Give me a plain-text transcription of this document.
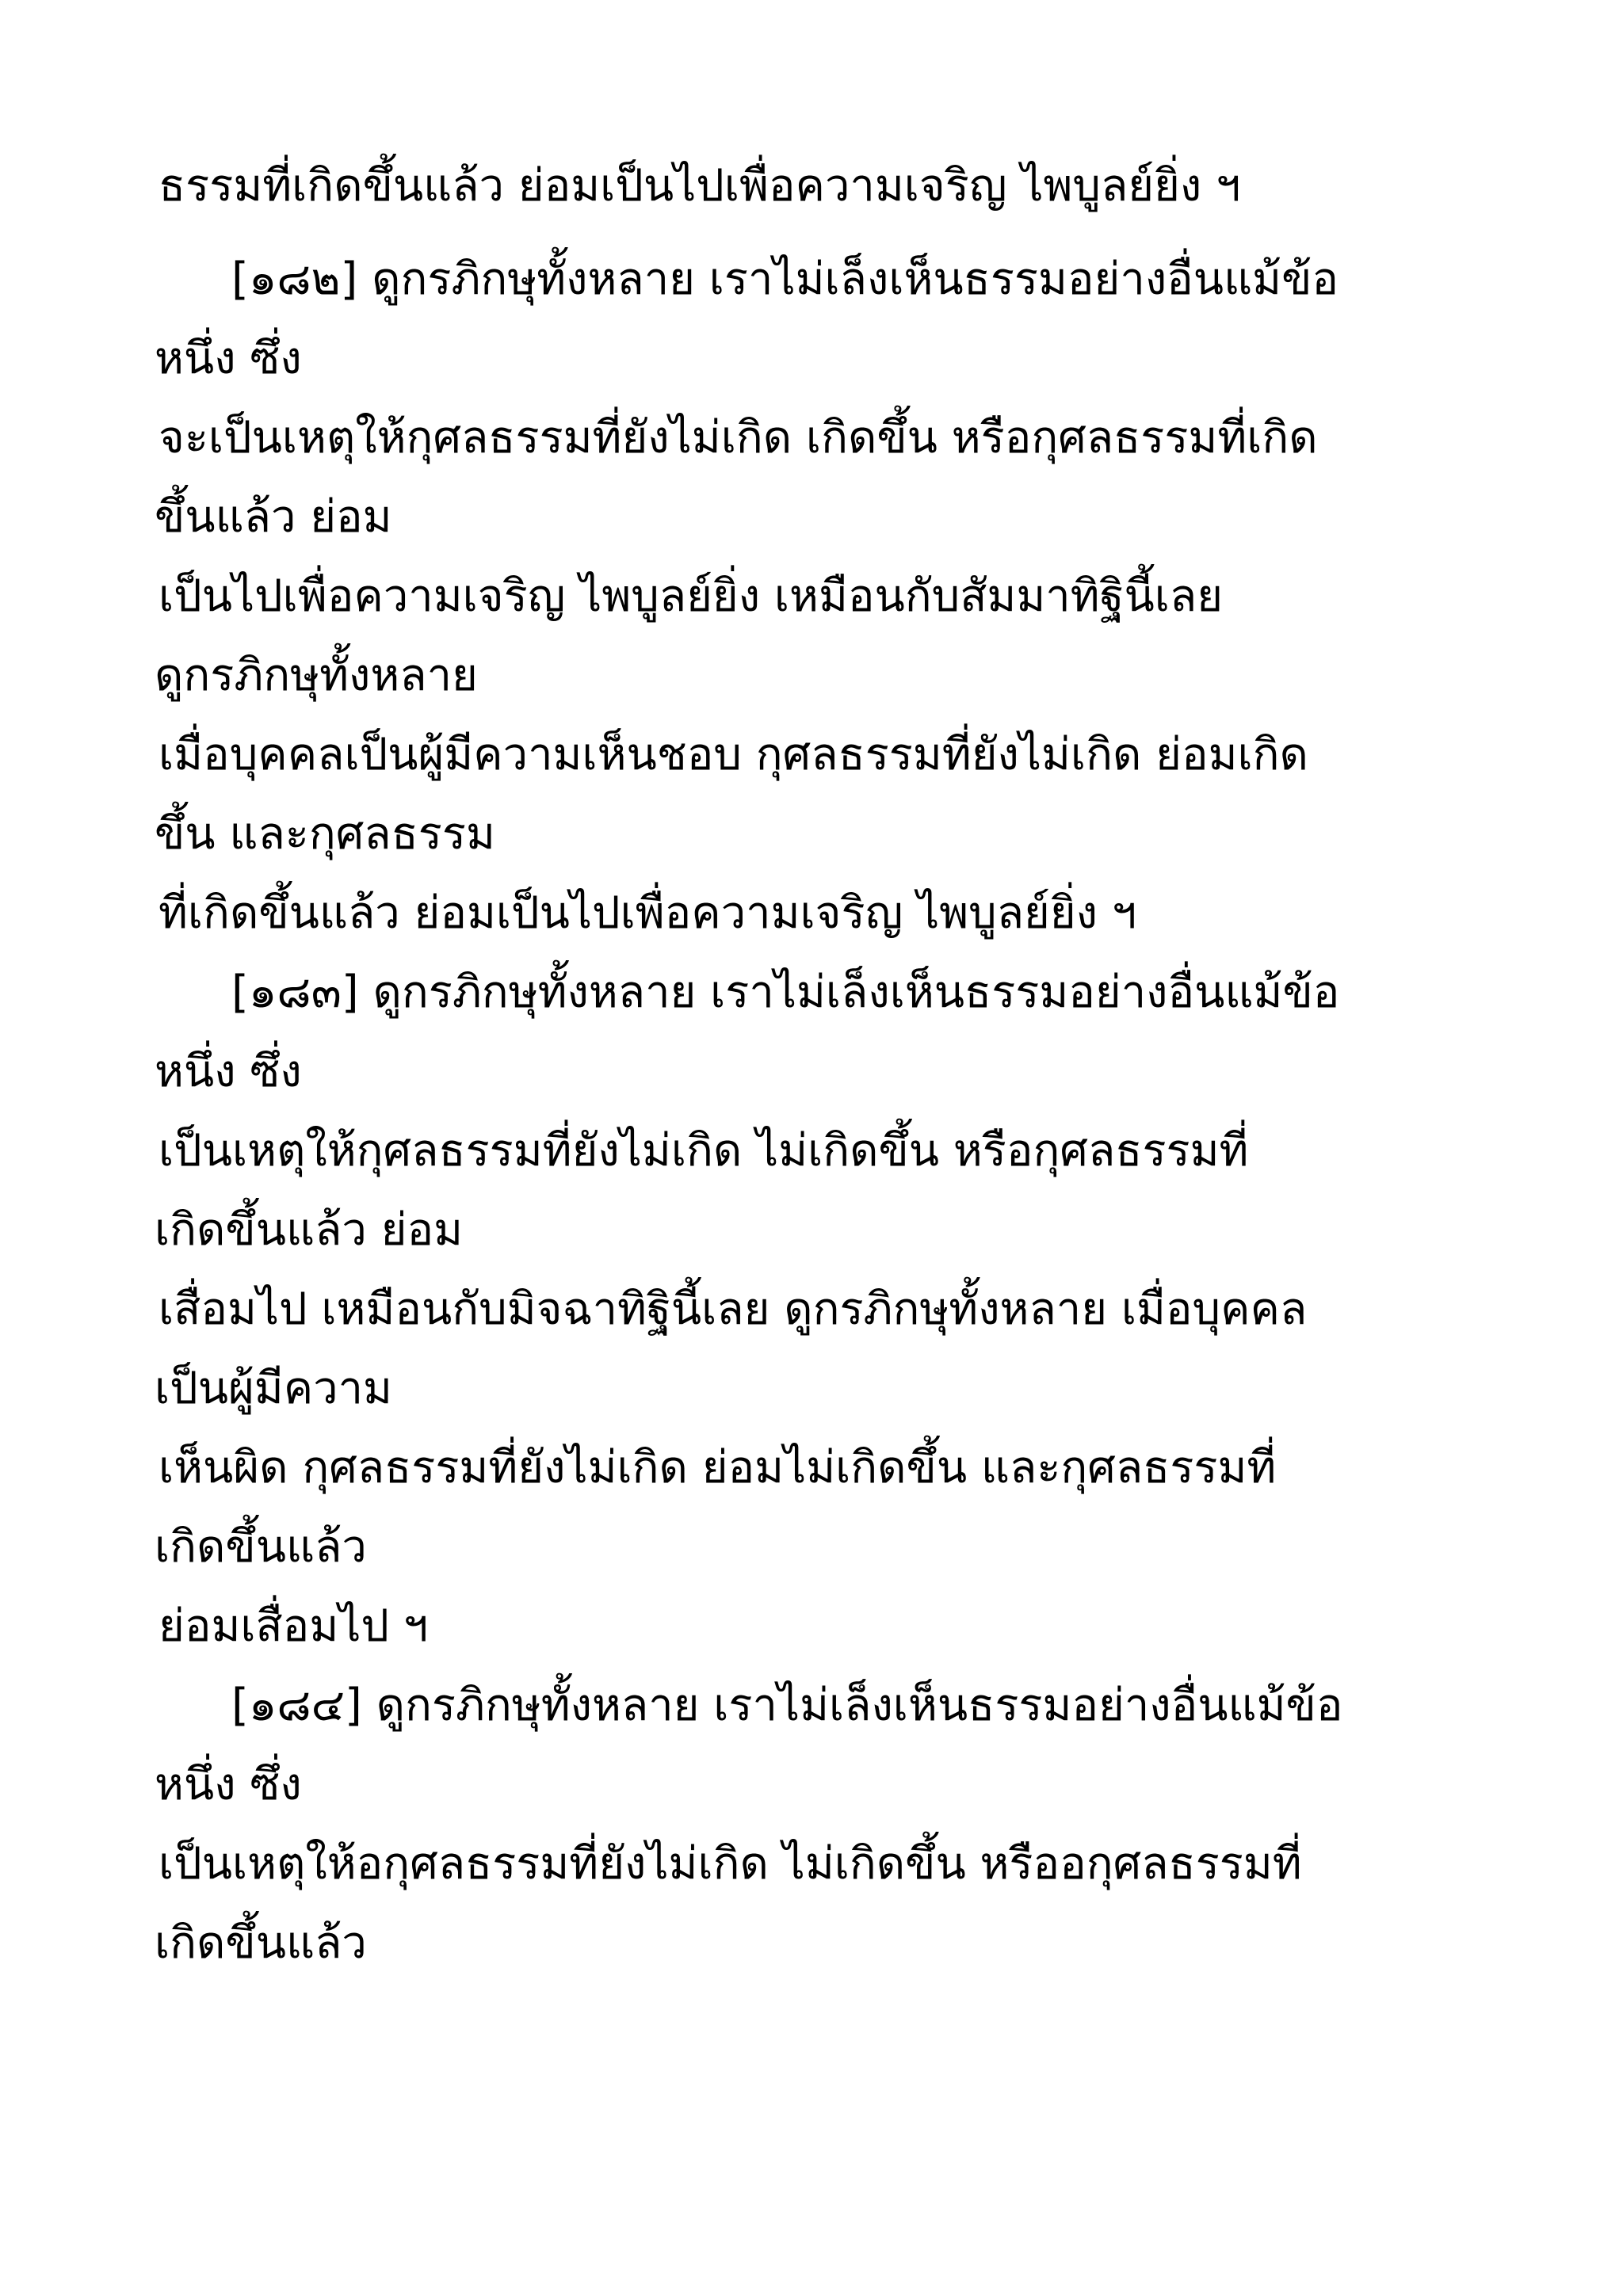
ธรรมที่เกิดขึ้นแล้ว ย่อมเป็นไปเพื่อความเจริญ ไพบูลย์ยิ่ง ฯ
[๑๘๒] ดูกรภิกษุทั้งหลาย เราไม่เล็งเห็นธรรมอย่างอื่นแม้ข้อ
หนึ่ง ซึ่ง
จะเป็นเหตุให้กุศลธรรมที่ยังไม่เกิด เกิดขึ้น หรือกุศลธรรมที่เกิด
ขึ้นแล้ว ย่อม
เป็นไปเพื่อความเจริญ ไพบูลย์ยิ่ง เหมือนกับสัมมาทิฐินี้เลย
ดูกรภิกษุทั้งหลาย
เมื่อบุคคลเป็นผู้มีความเห็นชอบ กุศลธรรมที่ยังไม่เกิด ย่อมเกิด
ขึ้น และกุศลธรรม
ที่เกิดขึ้นแล้ว ย่อมเป็นไปเพื่อความเจริญ ไพบูลย์ยิ่ง ฯ
[๑๘๓] ดูกรภิกษุทั้งหลาย เราไม่เล็งเห็นธรรมอย่างอื่นแม้ข้อ
หนึ่ง ซึ่ง
เป็นเหตุให้กุศลธรรมที่ยังไม่เกิด ไม่เกิดขึ้น หรือกุศลธรรมที่
เกิดขึ้นแล้ว ย่อม
เสื่อมไป เหมือนกับมิจฉาทิฐินี้เลย ดูกรภิกษุทั้งหลาย เมื่อบุคคล
เป็นผู้มีความ
เห็นผิด กุศลธรรมที่ยังไม่เกิด ย่อมไม่เกิดขึ้น และกุศลธรรมที่
เกิดขึ้นแล้ว
ย่อมเสื่อมไป ฯ
[๑๘๔] ดูกรภิกษุทั้งหลาย เราไม่เล็งเห็นธรรมอย่างอื่นแม้ข้อ
หนึ่ง ซึ่ง
เป็นเหตุให้อกุศลธรรมที่ยังไม่เกิด ไม่เกิดขึ้น หรืออกุศลธรรมที่
เกิดขึ้นแล้ว
